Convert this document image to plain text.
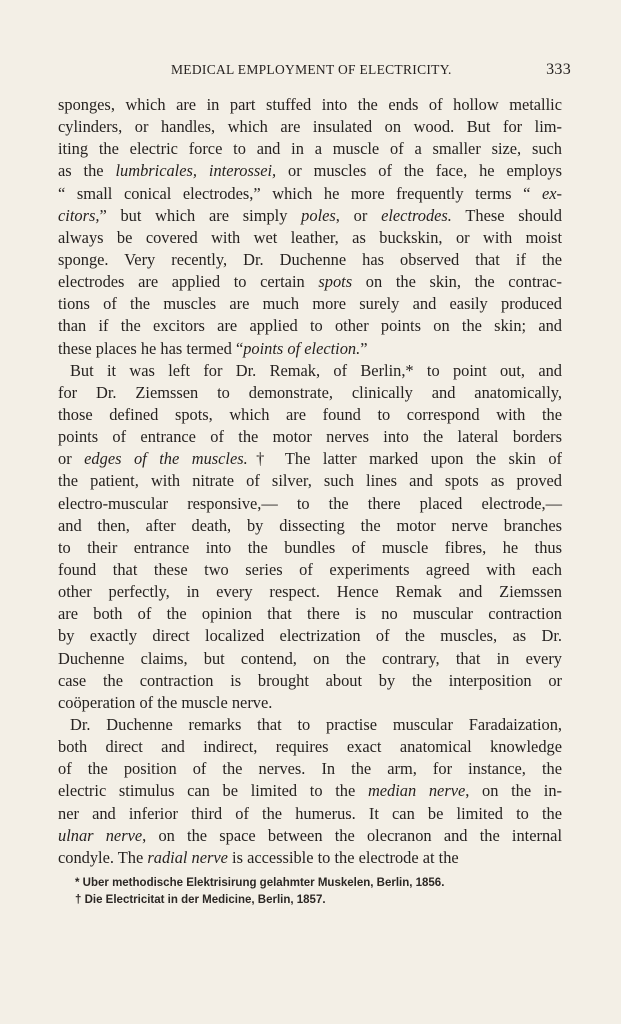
MEDICAL EMPLOYMENT OF ELECTRICITY.	333
sponges, which are in part stuffed into the ends of hollow metallic
cylinders, or handles, which are insulated on wood. But for lim-
iting the electric force to and in a muscle of a smaller size, such
as the lumbricales, interossei, or muscles of the face, he employs
“ small conical electrodes,” which he more frequently terms “ ex-
citors,” but which are simply poles, or electrodes. These should
always be covered with wet leather, as buckskin, or with moist
sponge. Very recently, Dr. Duchenne has observed that if the
electrodes are applied to certain spots on the skin, the contrac-
tions of the muscles are much more surely and easily produced
than if the excitors are applied to other points on the skin; and
these places he has termed “points of election.”
But it was left for Dr. Remak, of Berlin,* to point out, and
for Dr. Ziemssen to demonstrate, clinically and anatomically,
those defined spots, which are found to correspond with the
points of entrance of the motor nerves into the lateral borders
or edges of the muscles.† The latter marked upon the skin of
the patient, with nitrate of silver, such lines and spots as proved
electro-muscular responsive,— to the there placed electrode,—
and then, after death, by dissecting the motor nerve branches
to their entrance into the bundles of muscle fibres, he thus
found that these two series of experiments agreed with each
other perfectly, in every respect. Hence Remak and Ziemssen
are both of the opinion that there is no muscular contraction
by exactly direct localized electrization of the muscles, as Dr.
Duchenne claims, but contend, on the contrary, that in every
case the contraction is brought about by the interposition or
coöperation of the muscle nerve.
Dr. Duchenne remarks that to practise muscular Faradaization,
both direct and indirect, requires exact anatomical knowledge
of the position of the nerves. In the arm, for instance, the
electric stimulus can be limited to the median nerve, on the in-
ner and inferior third of the humerus. It can be limited to the
ulnar nerve, on the space between the olecranon and the internal
condyle. The radial nerve is accessible to the electrode at the
* Uber methodische Elektrisirung gelahmter Muskelen, Berlin, 1856.
† Die Electricitat in der Medicine, Berlin, 1857.
